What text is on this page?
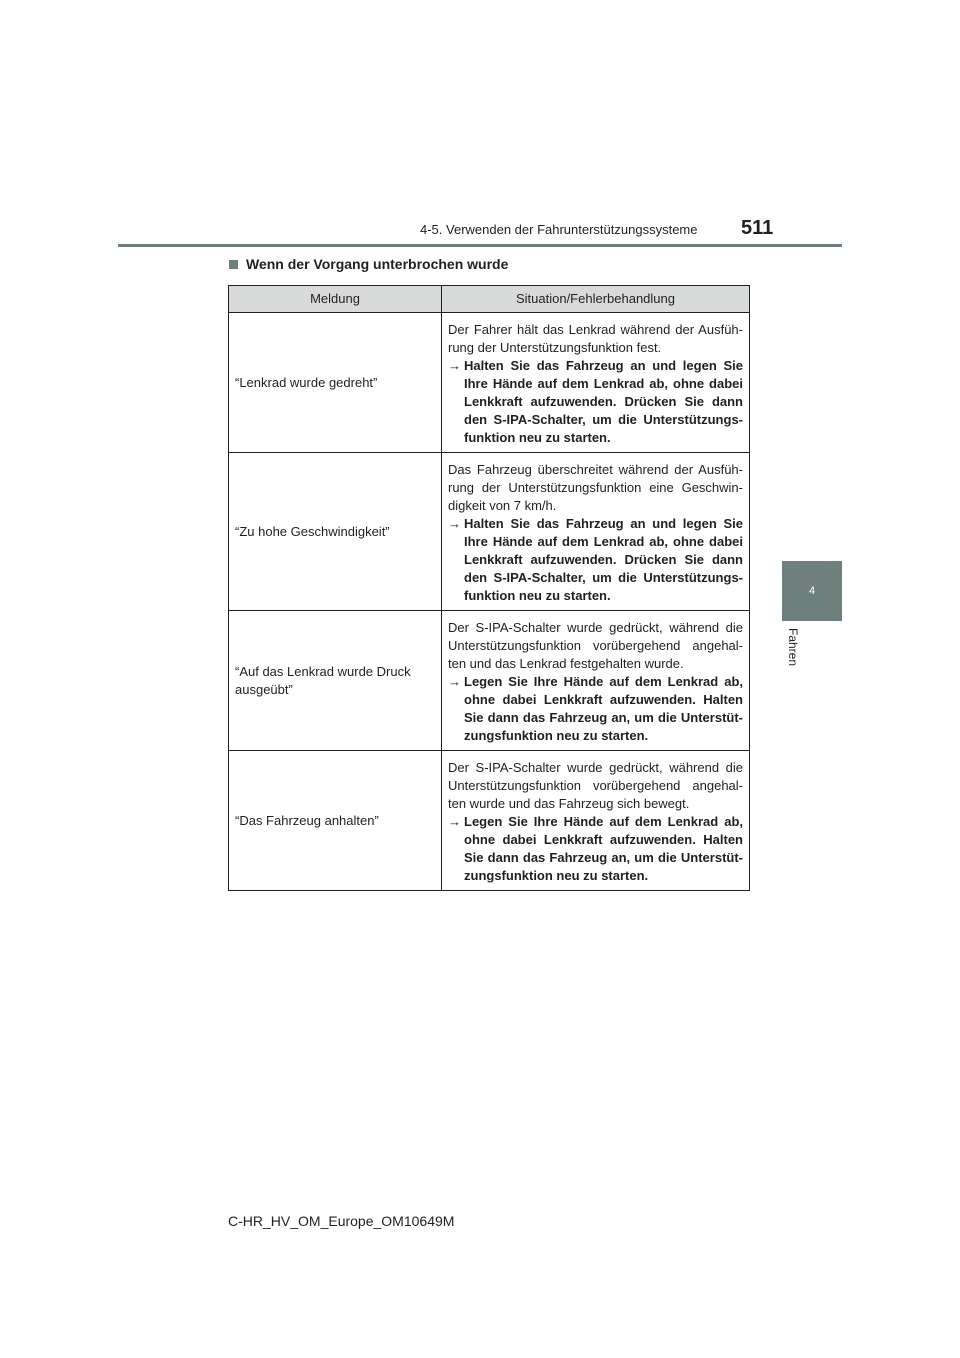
4-5. Verwenden der Fahrunterstützungssysteme 511
4
Fahren
Wenn der Vorgang unterbrochen wurde
Meldung	Situation/Fehlerbehandlung
“Lenkrad wurde gedreht”	Der Fahrer hält das Lenkrad während der Ausfüh-rung der Unterstützungsfunktion fest.
→ Halten Sie das Fahrzeug an und legen Sie Ihre Hände auf dem Lenkrad ab, ohne dabei Lenkkraft aufzuwenden. Drücken Sie dann den S-IPA-Schalter, um die Unterstützungs-funktion neu zu starten.

“Zu hohe Geschwindigkeit”	Das Fahrzeug überschreitet während der Ausfüh-rung der Unterstützungsfunktion eine Geschwin-digkeit von 7 km/h.
→ Halten Sie das Fahrzeug an und legen Sie Ihre Hände auf dem Lenkrad ab, ohne dabei Lenkkraft aufzuwenden. Drücken Sie dann den S-IPA-Schalter, um die Unterstützungs-funktion neu zu starten.

“Auf das Lenkrad wurde Druck ausgeübt”	Der S-IPA-Schalter wurde gedrückt, während die Unterstützungsfunktion vorübergehend angehal-ten und das Lenkrad festgehalten wurde.
→ Legen Sie Ihre Hände auf dem Lenkrad ab, ohne dabei Lenkkraft aufzuwenden. Halten Sie dann das Fahrzeug an, um die Unterstüt-zungsfunktion neu zu starten.

“Das Fahrzeug anhalten”	Der S-IPA-Schalter wurde gedrückt, während die Unterstützungsfunktion vorübergehend angehal-ten wurde und das Fahrzeug sich bewegt.
→ Legen Sie Ihre Hände auf dem Lenkrad ab, ohne dabei Lenkkraft aufzuwenden. Halten Sie dann das Fahrzeug an, um die Unterstüt-zungsfunktion neu zu starten.
C-HR_HV_OM_Europe_OM10649M
